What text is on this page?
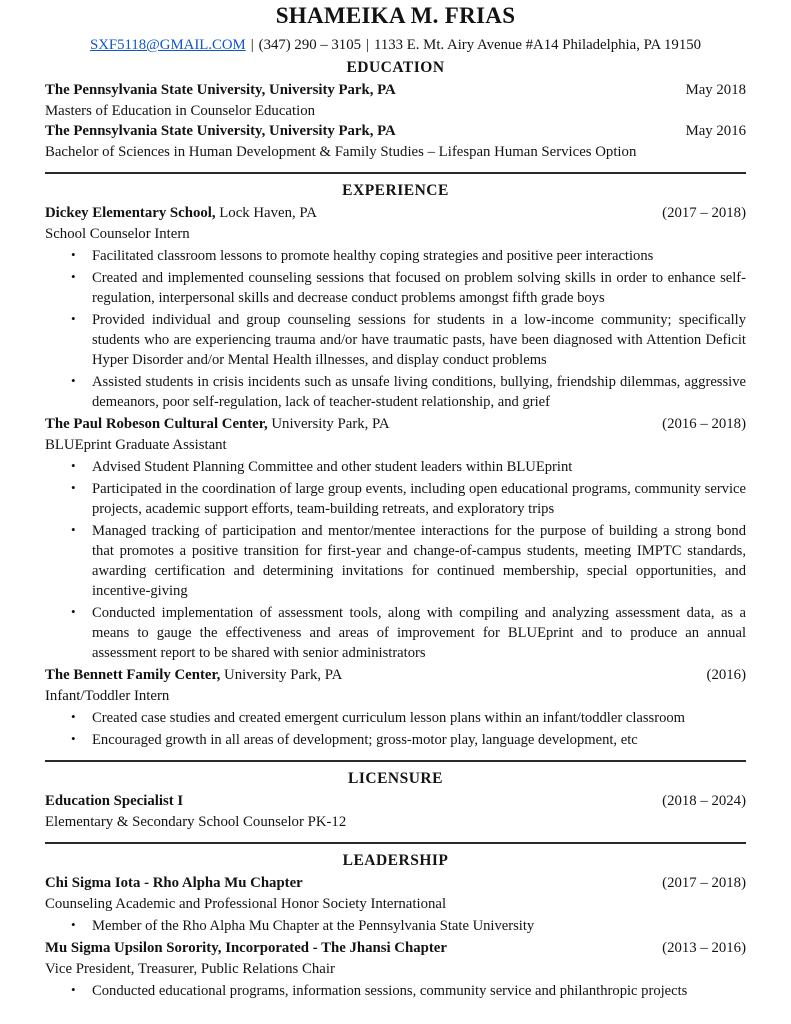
SHAMEIKA M. FRIAS
SXF5118@GMAIL.COM | (347) 290 – 3105 | 1133 E. Mt. Airy Avenue #A14 Philadelphia, PA 19150
EDUCATION
The Pennsylvania State University, University Park, PA	May 2018
Masters of Education in Counselor Education
The Pennsylvania State University, University Park, PA	May 2016
Bachelor of Sciences in Human Development & Family Studies – Lifespan Human Services Option
EXPERIENCE
Dickey Elementary School, Lock Haven, PA	(2017 – 2018)
School Counselor Intern
• Facilitated classroom lessons to promote healthy coping strategies and positive peer interactions
• Created and implemented counseling sessions that focused on problem solving skills in order to enhance self-regulation, interpersonal skills and decrease conduct problems amongst fifth grade boys
• Provided individual and group counseling sessions for students in a low-income community; specifically students who are experiencing trauma and/or have traumatic pasts, have been diagnosed with Attention Deficit Hyper Disorder and/or Mental Health illnesses, and display conduct problems
• Assisted students in crisis incidents such as unsafe living conditions, bullying, friendship dilemmas, aggressive demeanors, poor self-regulation, lack of teacher-student relationship, and grief
The Paul Robeson Cultural Center, University Park, PA	(2016 – 2018)
BLUEprint Graduate Assistant
• Advised Student Planning Committee and other student leaders within BLUEprint
• Participated in the coordination of large group events, including open educational programs, community service projects, academic support efforts, team-building retreats, and exploratory trips
• Managed tracking of participation and mentor/mentee interactions for the purpose of building a strong bond that promotes a positive transition for first-year and change-of-campus students, meeting IMPTC standards, awarding certification and determining invitations for continued membership, special opportunities, and incentive-giving
• Conducted implementation of assessment tools, along with compiling and analyzing assessment data, as a means to gauge the effectiveness and areas of improvement for BLUEprint and to produce an annual assessment report to be shared with senior administrators
The Bennett Family Center, University Park, PA	(2016)
Infant/Toddler Intern
• Created case studies and created emergent curriculum lesson plans within an infant/toddler classroom
• Encouraged growth in all areas of development; gross-motor play, language development, etc
LICENSURE
Education Specialist I	(2018 – 2024)
Elementary & Secondary School Counselor PK-12
LEADERSHIP
Chi Sigma Iota - Rho Alpha Mu Chapter	(2017 – 2018)
Counseling Academic and Professional Honor Society International
• Member of the Rho Alpha Mu Chapter at the Pennsylvania State University
Mu Sigma Upsilon Sorority, Incorporated - The Jhansi Chapter	(2013 – 2016)
Vice President, Treasurer, Public Relations Chair
• Conducted educational programs, information sessions, community service and philanthropic projects
